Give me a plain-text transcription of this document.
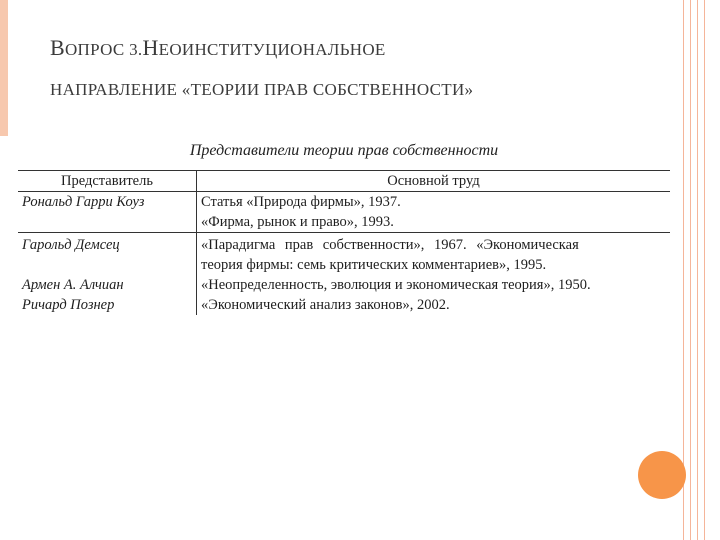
ВОПРОС 3.НЕОИНСТИТУЦИОНАЛЬНОЕ
НАПРАВЛЕНИЕ «ТЕОРИИ ПРАВ СОБСТВЕННОСТИ»
Представители теории прав собственности
Представитель	Основной труд
Рональд Гарри Коуз	Статья «Природа фирмы», 1937.
«Фирма, рынок и право», 1993.

Гарольд Демсец	«Парадигма прав собственности», 1967. «Экономическая
теория фирмы: семь критических комментариев», 1995.

Армен А. Алчиан	«Неопределенность, эволюция и экономическая теория», 1950.

Ричард Познер	«Экономический анализ законов», 2002.
